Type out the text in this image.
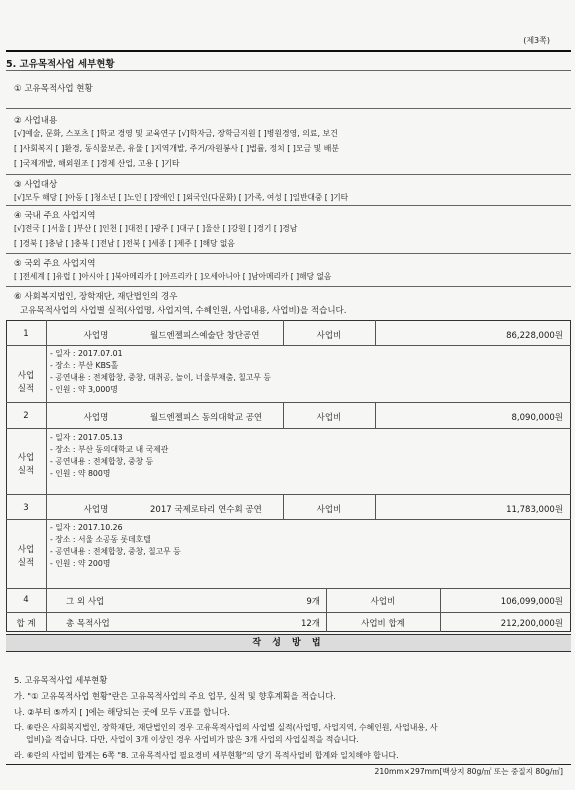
(제3쪽)
5. 고유목적사업 세부현황
① 고유목적사업 현황
② 사업내용
[√]예술, 문화, 스포츠 [ ]학교 경영 및 교육연구 [√]학자금, 장학금지원 [ ]병원경영, 의료, 보건
[ ]사회복지 [ ]환경, 동식물보존, 유물 [ ]지역개발, 주거/자원봉사 [ ]법률, 정치 [ ]모금 및 배분
[ ]국제개발, 해외원조 [ ]경제 산업, 고용 [ ]기타
③ 사업대상
[√]모두 해당 [ ]아동 [ ]청소년 [ ]노인 [ ]장애인 [ ]외국인(다문화) [ ]가족, 여성 [ ]일반대중 [ ]기타
④ 국내 주요 사업지역
[√]전국 [ ]서울 [ ]부산 [ ]인천 [ ]대전 [ ]광주 [ ]대구 [ ]울산 [ ]강원 [ ]경기 [ ]경남
[ ]경북 [ ]충남 [ ]충북 [ ]전남 [ ]전북 [ ]세종 [ ]제주 [ ]해당 없음
⑤ 국외 주요 사업지역
[ ]전세계 [ ]유럽 [ ]아시아 [ ]북아메리카 [ ]아프리카 [ ]오세아니아 [ ]남아메리카 [ ]해당 없음
⑥ 사회복지법인, 장학재단, 재단법인의 경우
고유목적사업의 사업별 실적(사업명, 사업지역, 수혜인원, 사업내용, 사업비)을 적습니다.
1	사업명	월드엔젤피스예술단 창단공연	사업비	86,228,000원
사업
실적
- 일자 : 2017.07.01
- 장소 : 부산 KBS홀
- 공연내용 : 전체합창, 중창, 대취공, 놀이, 너울부채춤, 칠고무 등
- 인원 : 약 3,000명
2	사업명	월드엔젤피스 동의대학교 공연	사업비	8,090,000원
사업
실적
- 일자 : 2017.05.13
- 장소 : 부산 동의대학교 내 국제관
- 공연내용 : 전체합창, 중창 등
- 인원 : 약 800명
3	사업명	2017 국제로타리 연수회 공연	사업비	11,783,000원
사업
실적
- 일자 : 2017.10.26
- 장소 : 서울 소공동 롯데호텔
- 공연내용 : 전체합창, 중창, 칠고무 등
- 인원 : 약 200명
4	그 외 사업	9개	사업비	106,099,000원
합 계	총 목적사업	12개	사업비 합계	212,200,000원
작 성 방 법
5. 고유목적사업 세부현황
가. "① 고유목적사업 현황"란은 고유목적사업의 주요 업무, 실적 및 향후계획을 적습니다.
나. ②부터 ⑤까지 [ ]에는 해당되는 곳에 모두 √표를 합니다.
다. ⑥란은 사회복지법인, 장학재단, 재단법인의 경우 고유목적사업의 사업별 실적(사업명, 사업지역, 수혜인원, 사업내용, 사
업비)을 적습니다. 다만, 사업이 3개 이상인 경우 사업비가 많은 3개 사업의 사업실적을 적습니다.
라. ⑥란의 사업비 합계는 6쪽 "8. 고유목적사업 필요경비 세부현황"의 당기 목적사업비 합계와 일치해야 합니다.
210mm×297mm[백상지 80g/㎡ 또는 중질지 80g/㎡]
